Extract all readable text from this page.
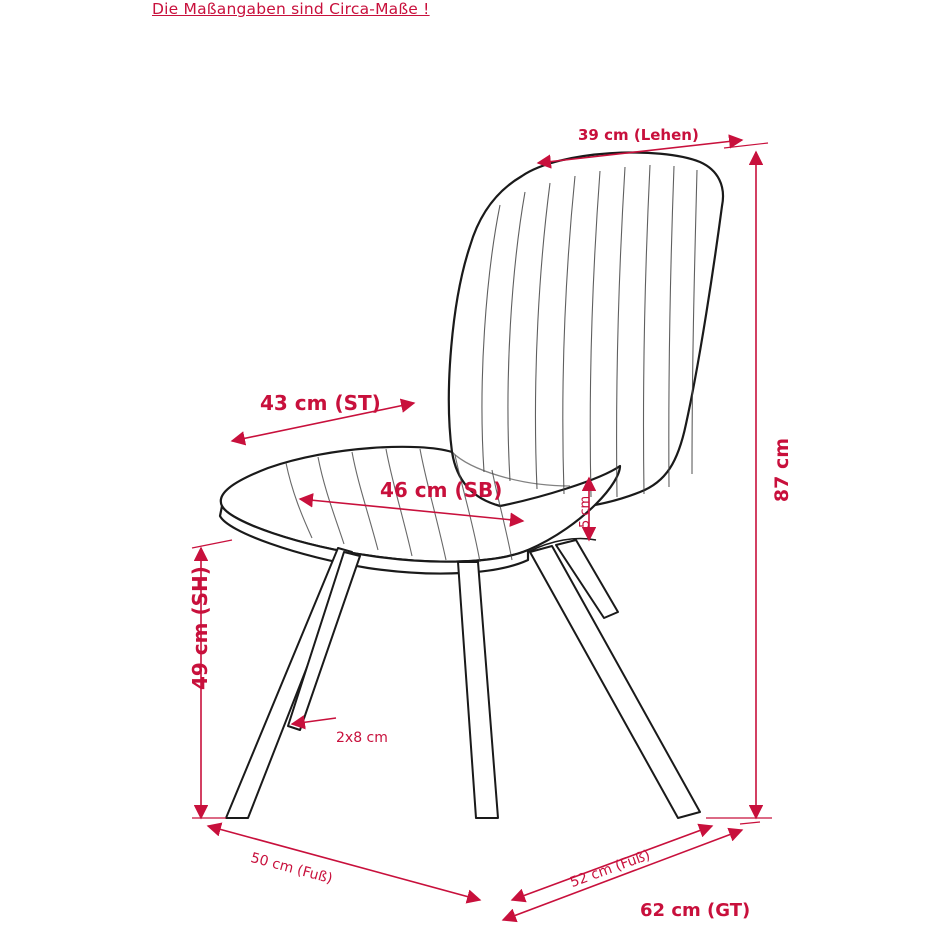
Die Maßangaben sind Circa-Maße !
39 cm (Lehen)
87 cm
43 cm (ST)
46 cm (SB)
5 cm
49 cm (SH)
2x8 cm
50 cm (Fuß)	52 cm (Fuß)
62 cm (GT)
